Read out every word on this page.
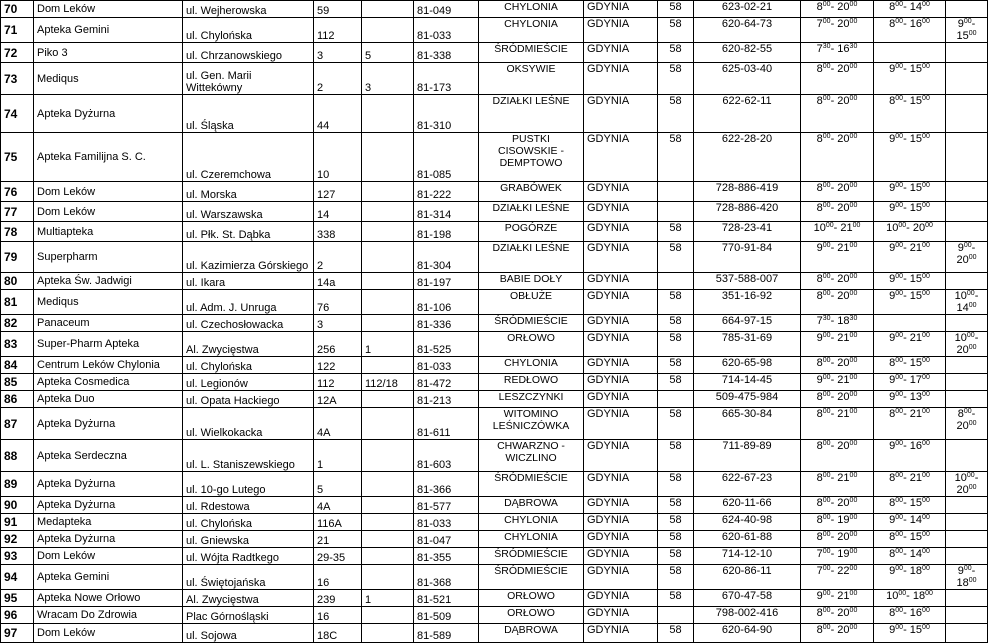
70	Dom Leków	ul. Wejherowska	59		81-049	CHYLONIA	GDYNIA	58	623-02-21	$8^{00}-$ $20^{00}$	$8^{00}-$ $14^{00}$	
71	Apteka Gemini	ul. Chylońska	112		81-033	CHYLONIA	GDYNIA	58	620-64-73	$7^{00}-$ $20^{00}$	$8^{00}-$ $16^{00}$	$9^{00}-$ $15^{00}$
72	Piko 3	ul. Chrzanowskiego	3	5	81-338	ŚRÓDMIEŚCIE	GDYNIA	58	620-82-55	$7^{30}-$ $16^{30}$		
73	Mediqus	ul. Gen. Marii Wittekówny	2	3	81-173	OKSYWIE	GDYNIA	58	625-03-40	$8^{00}-$ $20^{00}$	$9^{00}-$ $15^{00}$	
74	Apteka Dyżurna	ul. Śląska	44		81-310	DZIAŁKI LEŚNE	GDYNIA	58	622-62-11	$8^{00}-$ $20^{00}$	$8^{00}-$ $15^{00}$	
75	Apteka Familijna S. C.	ul. Czeremchowa	10		81-085	PUSTKI CISOWSKIE - DEMPTOWO	GDYNIA	58	622-28-20	$8^{00}-$ $20^{00}$	$9^{00}-$ $15^{00}$	
76	Dom Leków	ul. Morska	127		81-222	GRABÓWEK	GDYNIA		728-886-419	$8^{00}-$ $20^{00}$	$9^{00}-$ $15^{00}$	
77	Dom Leków	ul. Warszawska	14		81-314	DZIAŁKI LEŚNE	GDYNIA		728-886-420	$8^{00}-$ $20^{00}$	$9^{00}-$ $15^{00}$	
78	Multiapteka	ul. Płk. St. Dąbka	338		81-198	POGÓRZE	GDYNIA	58	728-23-41	$10^{00}-$ $21^{00}$	$10^{00}-$ $20^{00}$	
79	Superpharm	ul. Kazimierza Górskiego	2		81-304	DZIAŁKI LEŚNE	GDYNIA	58	770-91-84	$9^{00}-$ $21^{00}$	$9^{00}-$ $21^{00}$	$9^{00}-$ $20^{00}$
80	Apteka Św. Jadwigi	ul. Ikara	14a		81-197	BABIE DOŁY	GDYNIA		537-588-007	$8^{00}-$ $20^{00}$	$9^{00}-$ $15^{00}$	
81	Mediqus	ul. Adm. J. Unruga	76		81-106	OBŁUŻE	GDYNIA	58	351-16-92	$8^{00}-$ $20^{00}$	$9^{00}-$ $15^{00}$	$10^{00}-$ $14^{00}$
82	Panaceum	ul. Czechosłowacka	3		81-336	ŚRÓDMIEŚCIE	GDYNIA	58	664-97-15	$7^{30}-$ $18^{30}$		
83	Super-Pharm Apteka	Al. Zwycięstwa	256	1	81-525	ORŁOWO	GDYNIA	58	785-31-69	$9^{00}-$ $21^{00}$	$9^{00}-$ $21^{00}$	$10^{00}-$ $20^{00}$
84	Centrum Leków Chylonia	ul. Chylońska	122		81-033	CHYLONIA	GDYNIA	58	620-65-98	$8^{00}-$ $20^{00}$	$8^{00}-$ $15^{00}$	
85	Apteka Cosmedica	ul. Legionów	112	112/18	81-472	REDŁOWO	GDYNIA	58	714-14-45	$9^{00}-$ $21^{00}$	$9^{00}-$ $17^{00}$	
86	Apteka Duo	ul. Opata Hackiego	12A		81-213	LESZCZYNKI	GDYNIA		509-475-984	$8^{00}-$ $20^{00}$	$9^{00}-$ $13^{00}$	
87	Apteka Dyżurna	ul. Wielkokacka	4A		81-611	WITOMINO LEŚNICZÓWKA	GDYNIA	58	665-30-84	$8^{00}-$ $21^{00}$	$8^{00}-$ $21^{00}$	$8^{00}-$ $20^{00}$
88	Apteka Serdeczna	ul. L. Staniszewskiego	1		81-603	CHWARZNO - WICZLINO	GDYNIA	58	711-89-89	$8^{00}-$ $20^{00}$	$9^{00}-$ $16^{00}$	
89	Apteka Dyżurna	ul. 10-go Lutego	5		81-366	ŚRÓDMIEŚCIE	GDYNIA	58	622-67-23	$8^{00}-$ $21^{00}$	$8^{00}-$ $21^{00}$	$10^{00}-$ $20^{00}$
90	Apteka Dyżurna	ul. Rdestowa	4A		81-577	DĄBROWA	GDYNIA	58	620-11-66	$8^{00}-$ $20^{00}$	$8^{00}-$ $15^{00}$	
91	Medapteka	ul. Chylońska	116A		81-033	CHYLONIA	GDYNIA	58	624-40-98	$8^{00}-$ $19^{00}$	$9^{00}-$ $14^{00}$	
92	Apteka Dyżurna	ul. Gniewska	21		81-047	CHYLONIA	GDYNIA	58	620-61-88	$8^{00}-$ $20^{00}$	$8^{00}-$ $15^{00}$	
93	Dom Leków	ul. Wójta Radtkego	29-35		81-355	ŚRÓDMIEŚCIE	GDYNIA	58	714-12-10	$7^{00}-$ $19^{00}$	$8^{00}-$ $14^{00}$	
94	Apteka Gemini	ul. Świętojańska	16		81-368	ŚRÓDMIEŚCIE	GDYNIA	58	620-86-11	$7^{00}-$ $22^{00}$	$9^{00}-$ $18^{00}$	$9^{00}-$ $18^{00}$
95	Apteka Nowe Orłowo	Al. Zwycięstwa	239	1	81-521	ORŁOWO	GDYNIA	58	670-47-58	$9^{00}-$ $21^{00}$	$10^{00}-$ $18^{00}$	
96	Wracam Do Zdrowia	Plac Górnośląski	16		81-509	ORŁOWO	GDYNIA		798-002-416	$8^{00}-$ $20^{00}$	$8^{00}-$ $16^{00}$	
97	Dom Leków	ul. Sojowa	18C		81-589	DĄBROWA	GDYNIA	58	620-64-90	$8^{00}-$ $20^{00}$	$9^{00}-$ $15^{00}$	
